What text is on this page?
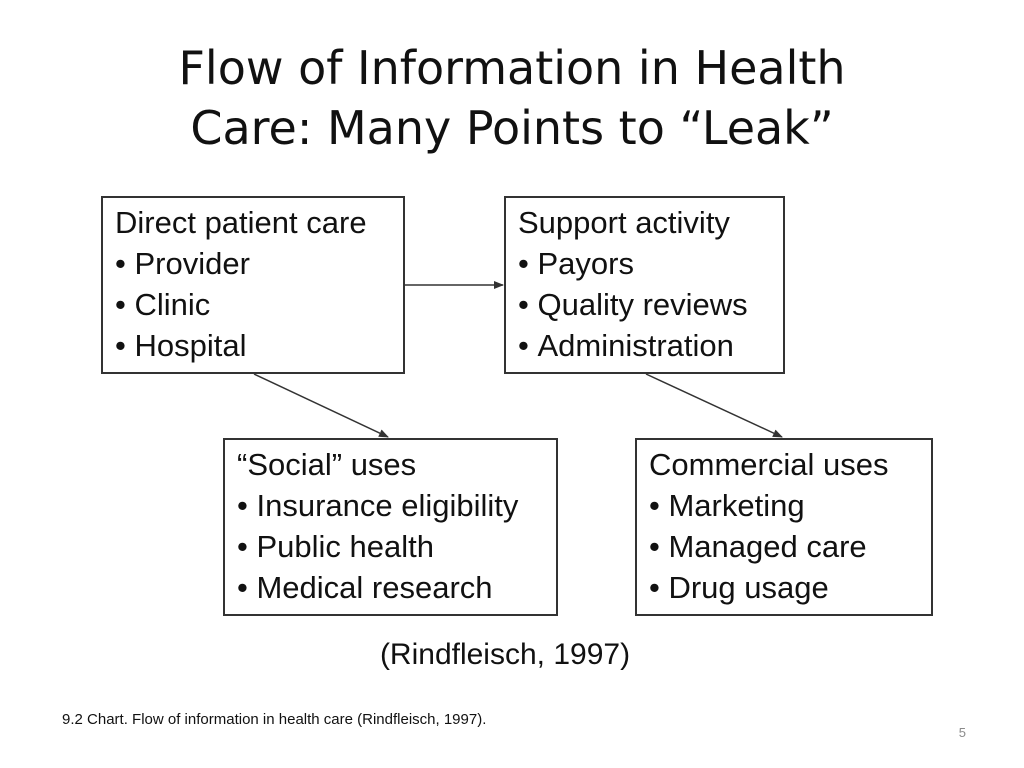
Flow of Information in Health
Care: Many Points to “Leak”
Direct patient care
• Provider
• Clinic
• Hospital
Support activity
• Payors
• Quality reviews
• Administration
“Social” uses
• Insurance eligibility
• Public health
• Medical research
Commercial uses
• Marketing
• Managed care
• Drug usage
(Rindfleisch, 1997)
9.2 Chart. Flow of information in health care (Rindfleisch, 1997).
5
